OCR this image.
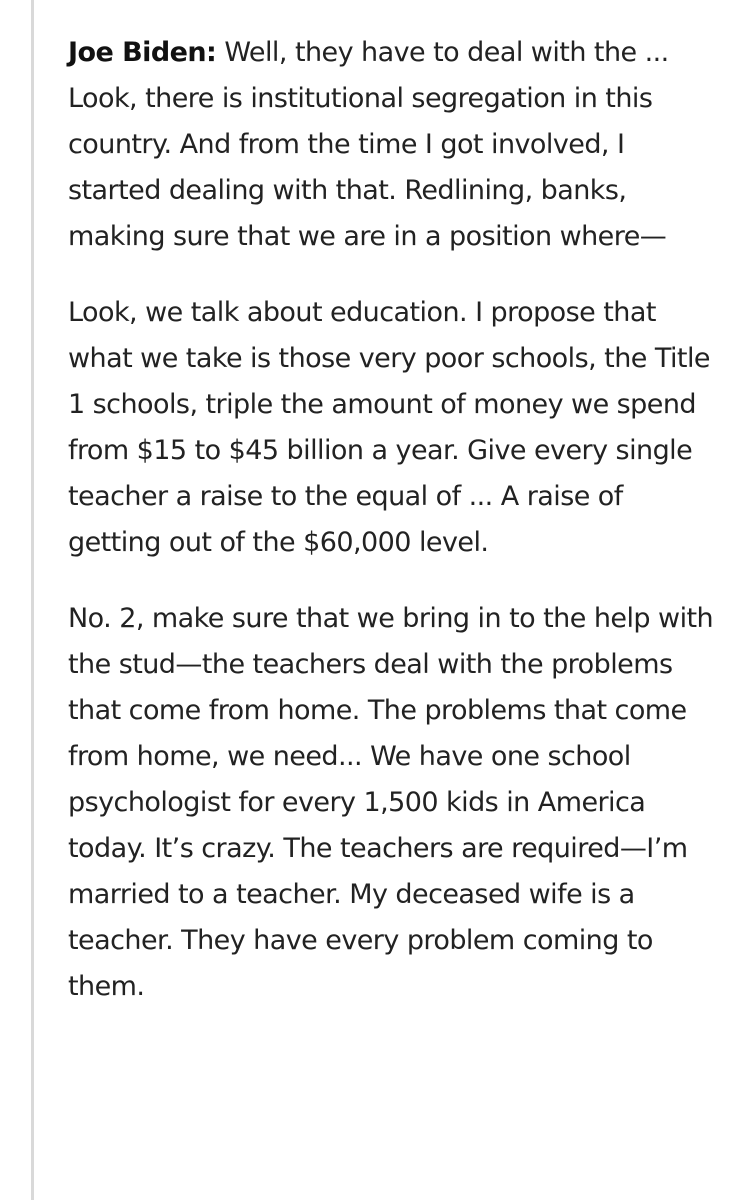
Joe Biden: Well, they have to deal with the ... Look, there is institutional segregation in this country. And from the time I got involved, I started dealing with that. Redlining, banks, making sure that we are in a position where—

Look, we talk about education. I propose that what we take is those very poor schools, the Title 1 schools, triple the amount of money we spend from $15 to $45 billion a year. Give every single teacher a raise to the equal of ... A raise of getting out of the $60,000 level.

No. 2, make sure that we bring in to the help with the stud—the teachers deal with the problems that come from home. The problems that come from home, we need... We have one school psychologist for every 1,500 kids in America today. It’s crazy. The teachers are required—I’m married to a teacher. My deceased wife is a teacher. They have every problem coming to them.
